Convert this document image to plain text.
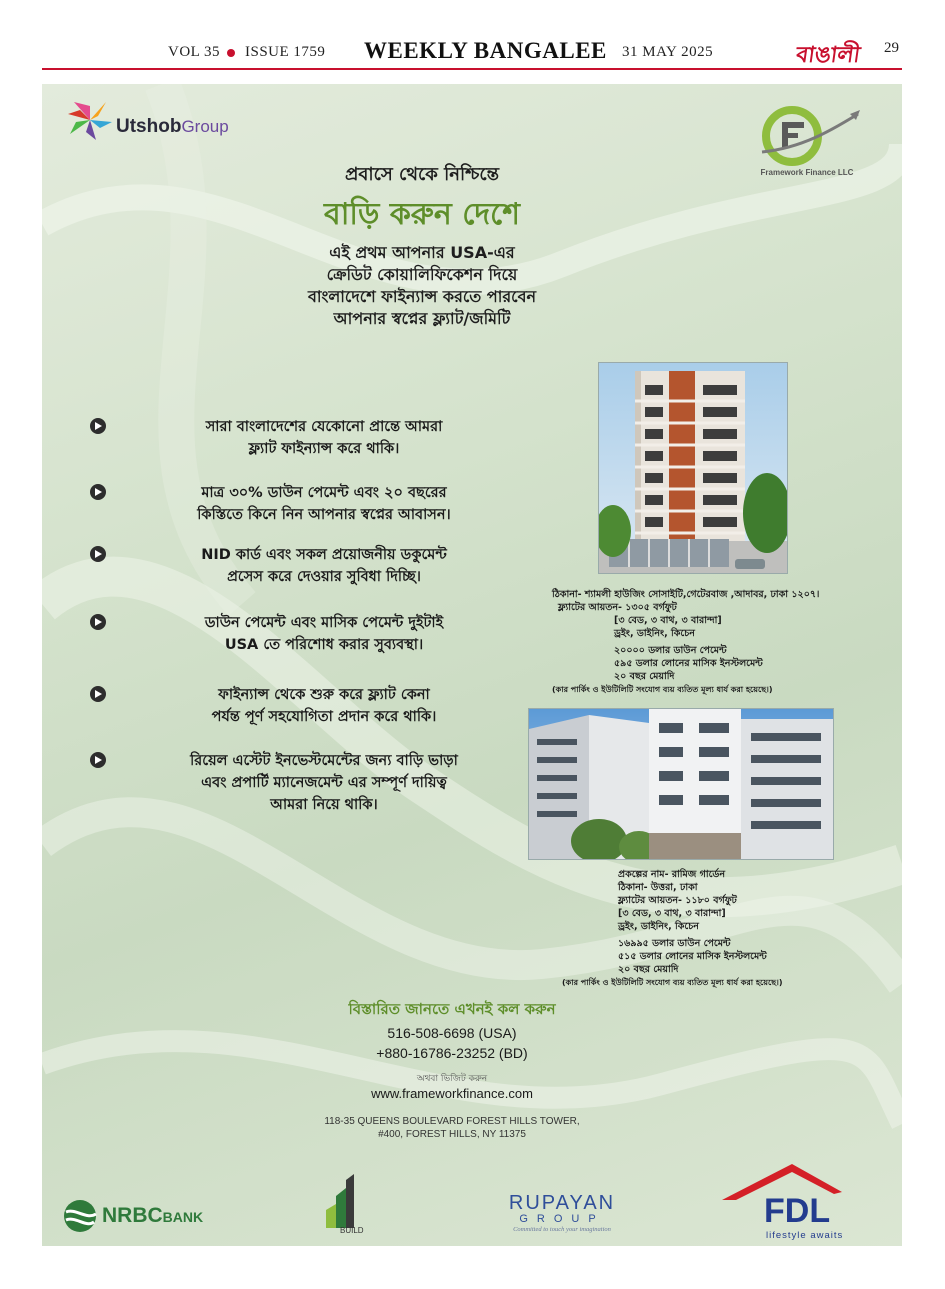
VOL 35 ISSUE 1759 WEEKLY BANGALEE 31 MAY 2025	বাঙালী 29
UtshobGroup
Framework Finance LLC
প্রবাসে থেকে নিশ্চিন্তে
বাড়ি করুন দেশে
এই প্রথম আপনার USA-এর
ক্রেডিট কোয়ালিফিকেশন দিয়ে
বাংলাদেশে ফাইন্যান্স করতে পারবেন
আপনার স্বপ্নের ফ্ল্যাট/জমিটি
সারা বাংলাদেশের যেকোনো প্রান্তে আমরা
ফ্ল্যাট ফাইন্যান্স করে থাকি।
মাত্র ৩০% ডাউন পেমেন্ট এবং ২০ বছরের
কিস্তিতে কিনে নিন আপনার স্বপ্নের আবাসন।
NID কার্ড এবং সকল প্রয়োজনীয় ডকুমেন্ট
প্রসেস করে দেওয়ার সুবিধা দিচ্ছি।
ডাউন পেমেন্ট এবং মাসিক পেমেন্ট দুইটাই
USA তে পরিশোধ করার সুব্যবস্থা।
ফাইন্যান্স থেকে শুরু করে ফ্ল্যাট কেনা
পর্যন্ত পূর্ণ সহযোগিতা প্রদান করে থাকি।
রিয়েল এস্টেট ইনভেস্টমেন্টের জন্য বাড়ি ভাড়া
এবং প্রপার্টি ম্যানেজমেন্ট এর সম্পূর্ণ দায়িত্ব
আমরা নিয়ে থাকি।
ঠিকানা- শ্যামলী হাউজিং সোসাইটি,গেটেরবাজ ,আদাবর, ঢাকা ১২০৭।
ফ্ল্যাটের আয়তন- ১৩০৫ বর্গফুট
[৩ বেড, ৩ বাথ, ৩ বারান্দা]
ড্রইং, ডাইনিং, কিচেন
২০০০০ ডলার ডাউন পেমেন্ট
৫৯৫ ডলার লোনের মাসিক ইনস্টলমেন্ট
২০ বছর মেয়াদি
(কার পার্কিং ও ইউটিলিটি সংযোগ ব্যয় ব্যতিত মূল্য ধার্য করা হয়েছে।)
প্রকল্পের নাম- রামিজ গার্ডেন
ঠিকানা- উত্তরা, ঢাকা
ফ্ল্যাটের আয়তন- ১১৮০ বর্গফুট
[৩ বেড, ৩ বাথ, ৩ বারান্দা]
ড্রইং, ডাইনিং, কিচেন
১৬৯৯৫ ডলার ডাউন পেমেন্ট
৫১৫ ডলার লোনের মাসিক ইনস্টলমেন্ট
২০ বছর মেয়াদি
(কার পার্কিং ও ইউটিলিটি সংযোগ ব্যয় ব্যতিত মূল্য ধার্য করা হয়েছে।)
বিস্তারিত জানতে এখনই কল করুন
516-508-6698 (USA)
+880-16786-23252 (BD)
অথবা ভিজিট করুন
www.frameworkfinance.com
118-35 QUEENS BOULEVARD FOREST HILLS TOWER,
#400, FOREST HILLS, NY 11375
NRBCBANK
BUILD
RUPAYAN
GROUP
Committed to touch your imagination	FDL
lifestyle awaits
